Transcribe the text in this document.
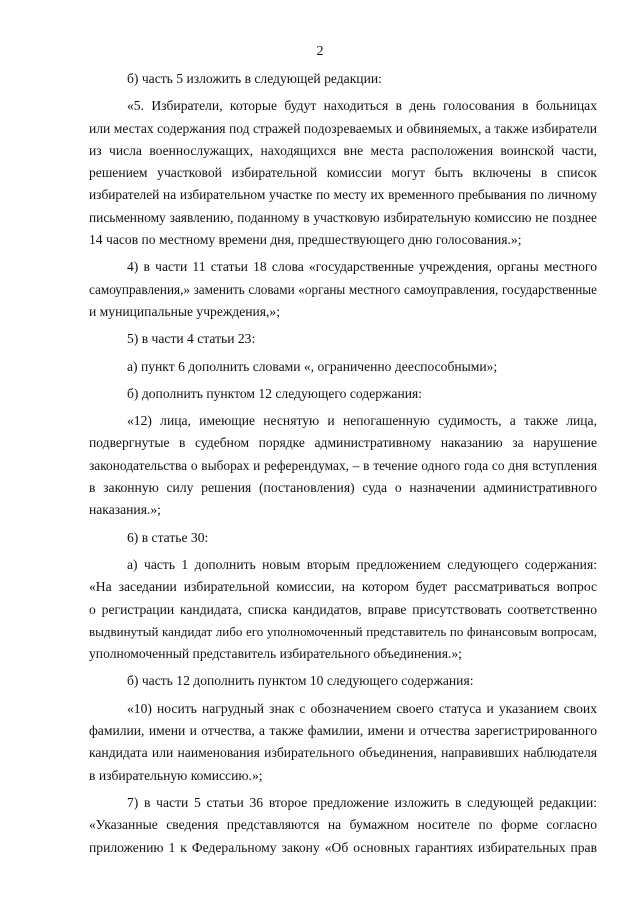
2
б) часть 5 изложить в следующей редакции:
«5. Избиратели, которые будут находиться в день голосования в больницах
или местах содержания под стражей подозреваемых и обвиняемых, а также избиратели
из числа военнослужащих, находящихся вне места расположения воинской части,
решением участковой избирательной комиссии могут быть включены в список
избирателей на избирательном участке по месту их временного пребывания по личному
письменному заявлению, поданному в участковую избирательную комиссию не позднее
14 часов по местному времени дня, предшествующего дню голосования.»;
4) в части 11 статьи 18 слова «государственные учреждения, органы местного
самоуправления,» заменить словами «органы местного самоуправления, государственные
и муниципальные учреждения,»;
5) в части 4 статьи 23:
а) пункт 6 дополнить словами «, ограниченно дееспособными»;
б) дополнить пунктом 12 следующего содержания:
«12) лица, имеющие неснятую и непогашенную судимость, а также лица,
подвергнутые в судебном порядке административному наказанию за нарушение
законодательства о выборах и референдумах, – в течение одного года со дня вступления
в законную силу решения (постановления) суда о назначении административного
наказания.»;
6) в статье 30:
а) часть 1 дополнить новым вторым предложением следующего содержания:
«На заседании избирательной комиссии, на котором будет рассматриваться вопрос
о регистрации кандидата, списка кандидатов, вправе присутствовать соответственно
выдвинутый кандидат либо его уполномоченный представитель по финансовым вопросам,
уполномоченный представитель избирательного объединения.»;
б) часть 12 дополнить пунктом 10 следующего содержания:
«10) носить нагрудный знак с обозначением своего статуса и указанием своих
фамилии, имени и отчества, а также фамилии, имени и отчества зарегистрированного
кандидата или наименования избирательного объединения, направивших наблюдателя
в избирательную комиссию.»;
7) в части 5 статьи 36 второе предложение изложить в следующей редакции:
«Указанные сведения представляются на бумажном носителе по форме согласно
приложению 1 к Федеральному закону «Об основных гарантиях избирательных прав
